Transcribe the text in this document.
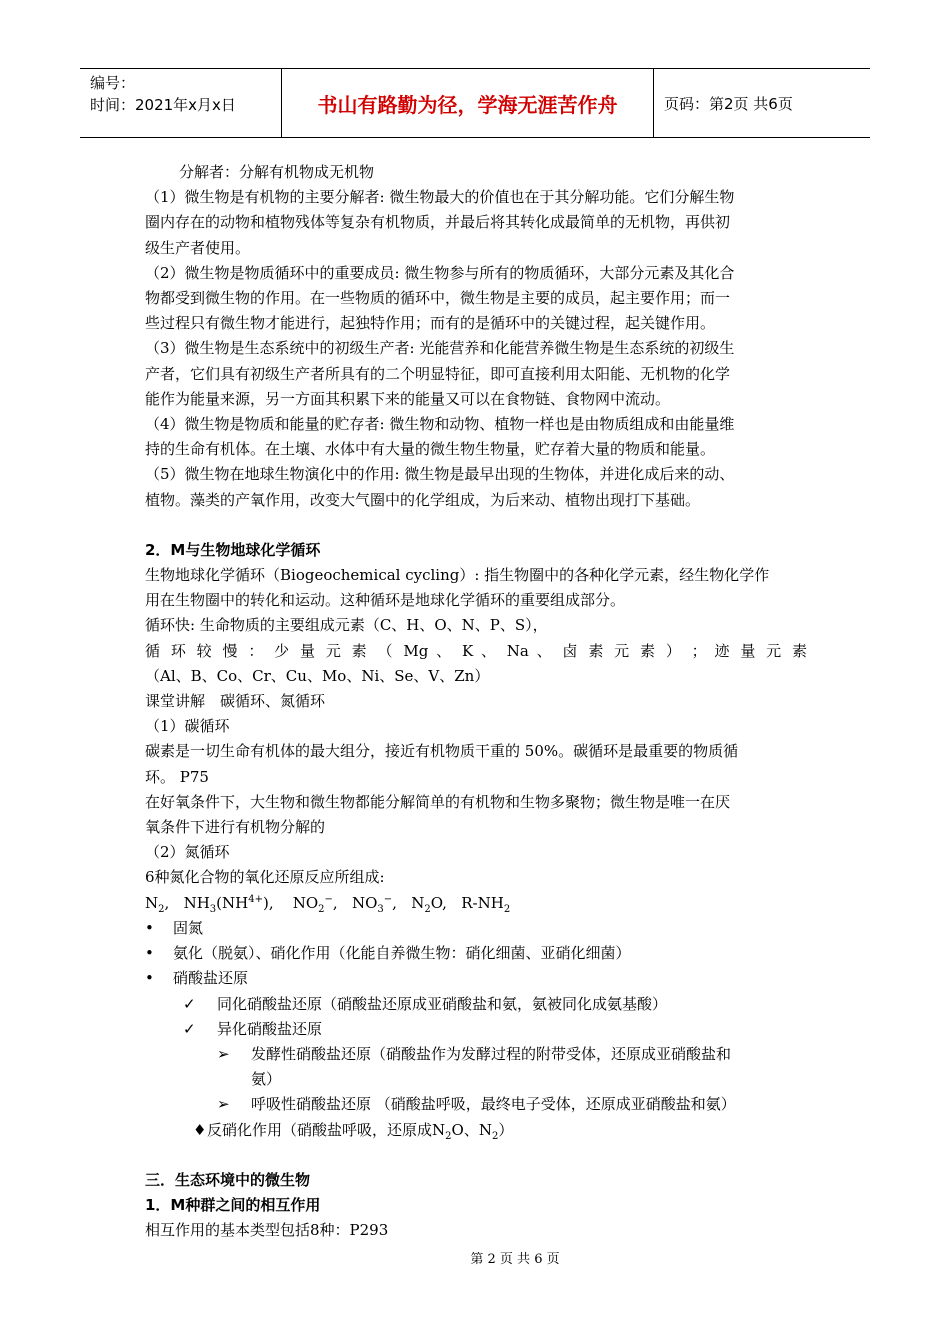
编号：
时间：2021年x月x日	书山有路勤为径，学海无涯苦作舟	页码：第2页 共6页

分解者：分解有机物成无机物

（1）微生物是有机物的主要分解者: 微生物最大的价值也在于其分解功能。它们分解生物

圈内存在的动物和植物残体等复杂有机物质，并最后将其转化成最简单的无机物，再供初

级生产者使用。

（2）微生物是物质循环中的重要成员: 微生物参与所有的物质循环，大部分元素及其化合

物都受到微生物的作用。在一些物质的循环中，微生物是主要的成员，起主要作用；而一

些过程只有微生物才能进行，起独特作用；而有的是循环中的关键过程，起关键作用。

（3）微生物是生态系统中的初级生产者: 光能营养和化能营养微生物是生态系统的初级生

产者，它们具有初级生产者所具有的二个明显特征，即可直接利用太阳能、无机物的化学

能作为能量来源，另一方面其积累下来的能量又可以在食物链、食物网中流动。

（4）微生物是物质和能量的贮存者: 微生物和动物、植物一样也是由物质组成和由能量维

持的生命有机体。在土壤、水体中有大量的微生物生物量，贮存着大量的物质和能量。

（5）微生物在地球生物演化中的作用: 微生物是最早出现的生物体，并进化成后来的动、

植物。藻类的产氧作用，改变大气圈中的化学组成，为后来动、植物出现打下基础。

2．M与生物地球化学循环

生物地球化学循环（Biogeochemical cycling）: 指生物圈中的各种化学元素，经生物化学作

用在生物圈中的转化和运动。这种循环是地球化学循环的重要组成部分。

循环快: 生命物质的主要组成元素（C、H、O、N、P、S），

循 环 较 慢 ： 少 量 元 素 （ Mg 、 K 、 Na 、 卤 素 元 素 ） ； 迹 量 元 素

（Al、B、Co、Cr、Cu、Mo、Ni、Se、V、Zn）

课堂讲解　碳循环、氮循环

（1）碳循环

碳素是一切生命有机体的最大组分，接近有机物质干重的 50%。碳循环是最重要的物质循

环。 P75

在好氧条件下，大生物和微生物都能分解简单的有机物和生物多聚物；微生物是唯一在厌

氧条件下进行有机物分解的

（2）氮循环

6种氮化合物的氧化还原反应所组成:

$N_2$,   $NH_3(NH^{4+})$,    $NO_2^-$,   $NO_3^-$,   $N_2O$,   $R-NH_2$

• 固氮

• 氨化（脱氨）、硝化作用（化能自养微生物：硝化细菌、亚硝化细菌）

• 硝酸盐还原

✓ 同化硝酸盐还原（硝酸盐还原成亚硝酸盐和氨，氨被同化成氨基酸）

✓ 异化硝酸盐还原

➢ 发酵性硝酸盐还原（硝酸盐作为发酵过程的附带受体，还原成亚硝酸盐和
氨）

➢ 呼吸性硝酸盐还原 （硝酸盐呼吸，最终电子受体，还原成亚硝酸盐和氨）

♦ 反硝化作用（硝酸盐呼吸，还原成$N_2O$、$N_2$）

三．生态环境中的微生物

1．M种群之间的相互作用

相互作用的基本类型包括8种：P293

第 2 页 共 6 页
